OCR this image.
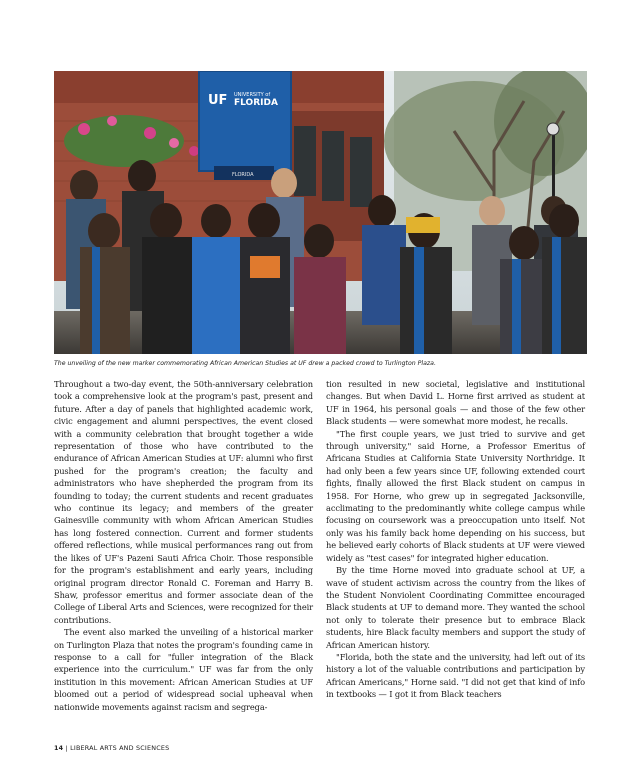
UF UNIVERSITY of
FLORIDA
FLORIDA
The unveiling of the new marker commemorating African American Studies at UF drew a packed crowd to Turlington Plaza.

Throughout a two-day event, the 50th-anniversary celebration took a comprehensive look at the program's past, present and future. After a day of panels that highlighted academic work, civic engagement and alumni perspectives, the event closed with a community celebration that brought together a wide representation of those who have contributed to the endurance of African American Studies at UF: alumni who first pushed for the program's creation; the faculty and administrators who have shepherded the program from its founding to today; the current students and recent graduates who continue its legacy; and members of the greater Gainesville community with whom African American Studies has long fostered connection. Current and former students offered reflections, while musical performances rang out from the likes of UF's Pazeni Sauti Africa Choir. Those responsible for the program's establishment and early years, including original program director Ronald C. Foreman and Harry B. Shaw, professor emeritus and former associate dean of the College of Liberal Arts and Sciences, were recognized for their contributions.

The event also marked the unveiling of a historical marker on Turlington Plaza that notes the program's founding came in response to a call for "fuller integration of the Black experience into the curriculum." UF was far from the only institution in this movement: African American Studies at UF bloomed out a period of widespread social upheaval when nationwide movements against racism and segrega-

tion resulted in new societal, legislative and institutional changes. But when David L. Horne first arrived as student at UF in 1964, his personal goals — and those of the few other Black students — were somewhat more modest, he recalls.

"The first couple years, we just tried to survive and get through university," said Horne, a Professor Emeritus of Africana Studies at California State University Northridge. It had only been a few years since UF, following extended court fights, finally allowed the first Black student on campus in 1958. For Horne, who grew up in segregated Jacksonville, acclimating to the predominantly white college campus while focusing on coursework was a preoccupation unto itself. Not only was his family back home depending on his success, but he believed early cohorts of Black students at UF were viewed widely as "test cases" for integrated higher education.

By the time Horne moved into graduate school at UF, a wave of student activism across the country from the likes of the Student Nonviolent Coordinating Committee encouraged Black students at UF to demand more. They wanted the school not only to tolerate their presence but to embrace Black students, hire Black faculty members and support the study of African American history.

"Florida, both the state and the university, had left out of its history a lot of the valuable contributions and participation by African Americans," Horne said. "I did not get that kind of info in textbooks — I got it from Black teachers

14 | LIBERAL ARTS AND SCIENCES
